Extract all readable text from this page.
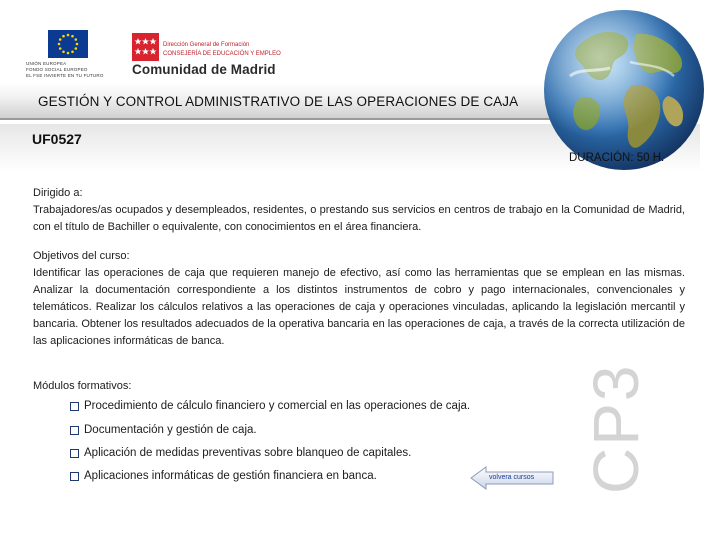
UNIÓN EUROPEA
FONDO SOCIAL EUROPEO
EL FSE INVIERTE EN TU FUTURO
Dirección General de Formación
CONSEJERÍA DE EDUCACIÓN Y EMPLEO
Comunidad de Madrid
GESTIÓN Y CONTROL ADMINISTRATIVO DE LAS OPERACIONES DE CAJA
UF0527
DURACIÓN: 50 H.
Dirigido a:
Trabajadores/as ocupados y desempleados, residentes, o prestando sus servicios en centros de trabajo en la Comunidad de Madrid, con el título de Bachiller o equivalente, con conocimientos en el área financiera.
Objetivos del curso:
Identificar las operaciones de caja que requieren manejo de efectivo, así como las herramientas que se emplean en las mismas. Analizar la documentación correspondiente a los distintos instrumentos de cobro y pago internacionales, convencionales y telemáticos. Realizar los cálculos relativos a las operaciones de caja y operaciones vinculadas, aplicando la legislación mercantil y bancaria. Obtener los resultados adecuados de la operativa bancaria en las operaciones de caja, a través de la correcta utilización de las aplicaciones informáticas de banca.
Módulos formativos:
Procedimiento de cálculo financiero y comercial en las operaciones de caja.
Documentación y gestión de caja.
Aplicación de medidas preventivas sobre blanqueo de capitales.
Aplicaciones informáticas de gestión financiera en banca.	volvera cursos CP3
